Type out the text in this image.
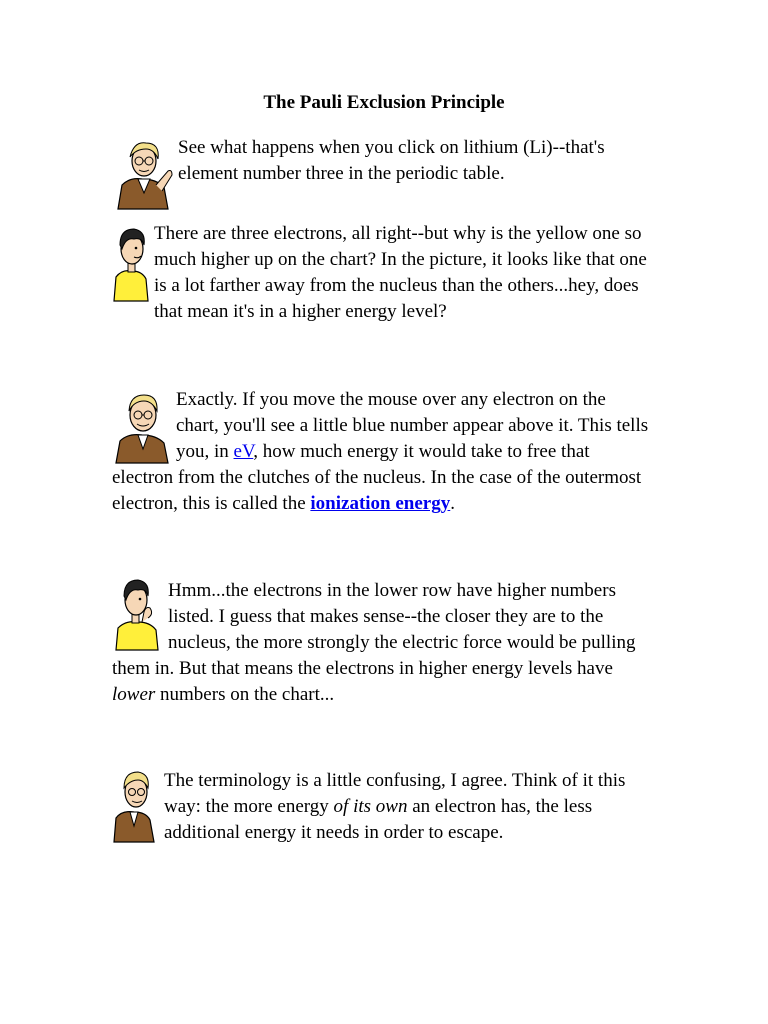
The Pauli Exclusion Principle
See what happens when you click on lithium (Li)--that's element number three in the periodic table.
There are three electrons, all right--but why is the yellow one so much higher up on the chart? In the picture, it looks like that one is a lot farther away from the nucleus than the others...hey, does that mean it's in a higher energy level?
Exactly. If you move the mouse over any electron on the chart, you'll see a little blue number appear above it. This tells you, in eV, how much energy it would take to free that electron from the clutches of the nucleus. In the case of the outermost electron, this is called the ionization energy.
Hmm...the electrons in the lower row have higher numbers listed. I guess that makes sense--the closer they are to the nucleus, the more strongly the electric force would be pulling them in. But that means the electrons in higher energy levels have lower numbers on the chart...
The terminology is a little confusing, I agree. Think of it this way: the more energy of its own an electron has, the less additional energy it needs in order to escape.
